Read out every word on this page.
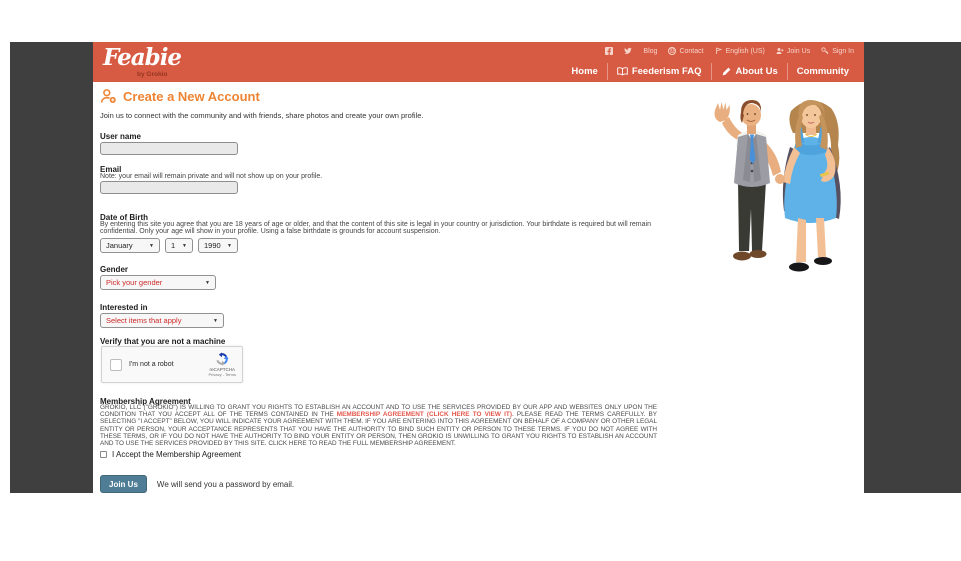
Feabie
by Grokio
Blog @ Contact	English (US)	Join Us	Sign In
Home	Feederism FAQ	About Us Community
Create a New Account
Join us to connect with the community and with friends, share photos and create your own profile.
User name
Email
Note: your email will remain private and will not show up on your profile.
Date of Birth
By entering this site you agree that you are 18 years of age or older, and that the content of this site is legal in your country or jurisdiction. Your birthdate is required but will remain confidential. Only your age will show in your profile. Using a false birthdate is grounds for account suspension.
January
▼	1
▼	1990
▼
Gender
Pick your gender
▼
Interested in
Select items that apply
▼
Verify that you are not a machine
I'm not a robot
reCAPTCHA
Privacy - Terms
Membership Agreement
GROKIO, LLC ("GROKIO") IS WILLING TO GRANT YOU RIGHTS TO ESTABLISH AN ACCOUNT AND TO USE THE SERVICES PROVIDED BY OUR APP AND WEBSITES ONLY UPON THE CONDITION THAT YOU ACCEPT ALL OF THE TERMS CONTAINED IN THE MEMBERSHIP AGREEMENT (CLICK HERE TO VIEW IT). PLEASE READ THE TERMS CAREFULLY. BY SELECTING "I ACCEPT" BELOW, YOU WILL INDICATE YOUR AGREEMENT WITH THEM. IF YOU ARE ENTERING INTO THIS AGREEMENT ON BEHALF OF A COMPANY OR OTHER LEGAL ENTITY OR PERSON, YOUR ACCEPTANCE REPRESENTS THAT YOU HAVE THE AUTHORITY TO BIND SUCH ENTITY OR PERSON TO THESE TERMS. IF YOU DO NOT AGREE WITH THESE TERMS, OR IF YOU DO NOT HAVE THE AUTHORITY TO BIND YOUR ENTITY OR PERSON, THEN GROKIO IS UNWILLING TO GRANT YOU RIGHTS TO ESTABLISH AN ACCOUNT AND TO USE THE SERVICES PROVIDED BY THIS SITE. CLICK HERE TO READ THE FULL MEMBERSHIP AGREEMENT.
I Accept the Membership Agreement
Join Us	We will send you a password by email.
